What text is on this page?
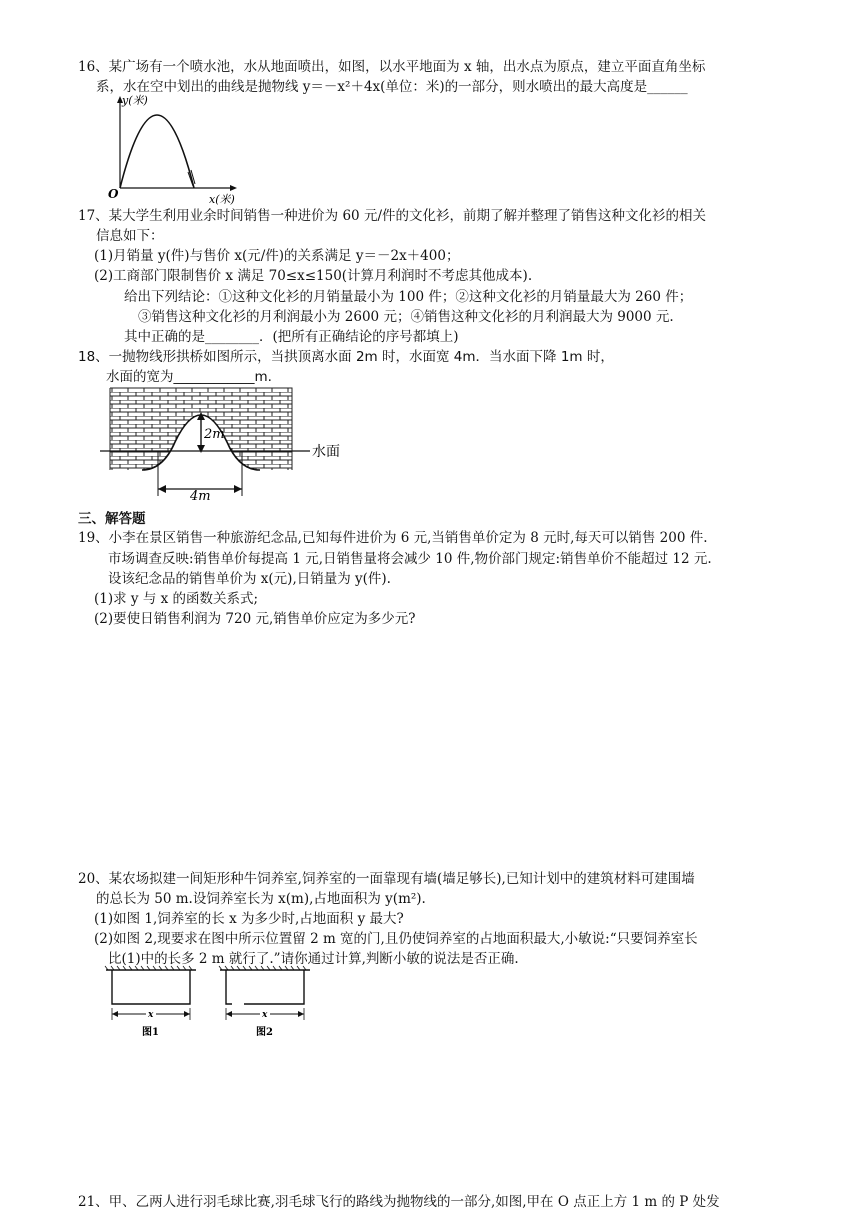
16、某广场有一个喷水池，水从地面喷出，如图，以水平地面为 x 轴，出水点为原点，建立平面直角坐标
系，水在空中划出的曲线是抛物线 y＝－x²＋4x(单位：米)的一部分，则水喷出的最大高度是______
y(米)
x(米)
O
17、某大学生利用业余时间销售一种进价为 60 元/件的文化衫，前期了解并整理了销售这种文化衫的相关
信息如下：
(1)月销量 y(件)与售价 x(元/件)的关系满足 y＝－2x＋400；
(2)工商部门限制售价 x 满足 70≤x≤150(计算月利润时不考虑其他成本).
给出下列结论：①这种文化衫的月销量最小为 100 件；②这种文化衫的月销量最大为 260 件；
③销售这种文化衫的月利润最小为 2600 元；④销售这种文化衫的月利润最大为 9000 元.
其中正确的是________．(把所有正确结论的序号都填上)
18、一抛物线形拱桥如图所示，当拱顶离水面 2m 时，水面宽 4m．当水面下降 1m 时，
水面的宽为____________m.
2m
4m
水面
三、解答题
19、小李在景区销售一种旅游纪念品,已知每件进价为 6 元,当销售单价定为 8 元时,每天可以销售 200 件.
市场调查反映:销售单价每提高 1 元,日销售量将会减少 10 件,物价部门规定:销售单价不能超过 12 元.
设该纪念品的销售单价为 x(元),日销量为 y(件).
(1)求 y 与 x 的函数关系式;
(2)要使日销售利润为 720 元,销售单价应定为多少元?
20、某农场拟建一间矩形种牛饲养室,饲养室的一面靠现有墙(墙足够长),已知计划中的建筑材料可建围墙
的总长为 50 m.设饲养室长为 x(m),占地面积为 y(m²).
(1)如图 1,饲养室的长 x 为多少时,占地面积 y 最大?
(2)如图 2,现要求在图中所示位置留 2 m 宽的门,且仍使饲养室的占地面积最大,小敏说:“只要饲养室长
比(1)中的长多 2 m 就行了.”请你通过计算,判断小敏的说法是否正确.
x
图1
x
图2
21、甲、乙两人进行羽毛球比赛,羽毛球飞行的路线为抛物线的一部分,如图,甲在 O 点正上方 1 m 的 P 处发
